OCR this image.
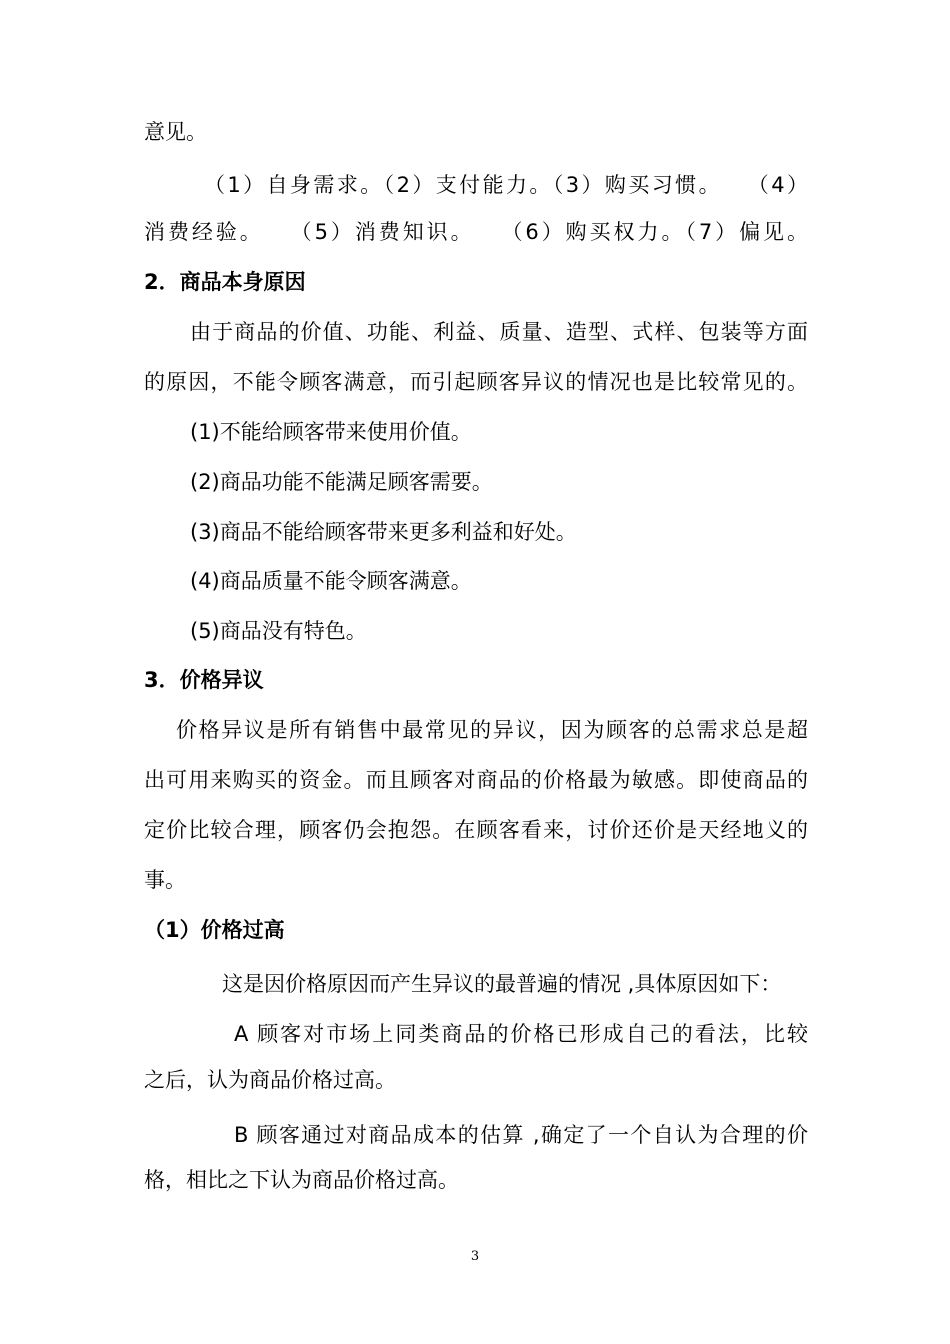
意见。

（1）自身需求。（2）支付能力。（3）购买习惯。　　（4）

消费经验。　　（5）消费知识。　　（6）购买权力。（7）偏见。

2．商品本身原因

由于商品的价值、功能、利益、质量、造型、式样、包装等方面

的原因，不能令顾客满意，而引起顾客异议的情况也是比较常见的。

(1)不能给顾客带来使用价值。

(2)商品功能不能满足顾客需要。

(3)商品不能给顾客带来更多利益和好处。

(4)商品质量不能令顾客满意。

(5)商品没有特色。

3．价格异议

价格异议是所有销售中最常见的异议，因为顾客的总需求总是超

出可用来购买的资金。而且顾客对商品的价格最为敏感。即使商品的

定价比较合理，顾客仍会抱怨。在顾客看来，讨价还价是天经地义的

事。

（1）价格过高

这是因价格原因而产生异议的最普遍的情况 ,具体原因如下：

A 顾客对市场上同类商品的价格已形成自己的看法，比较

之后，认为商品价格过高。

B 顾客通过对商品成本的估算 ,确定了一个自认为合理的价

格，相比之下认为商品价格过高。

3
